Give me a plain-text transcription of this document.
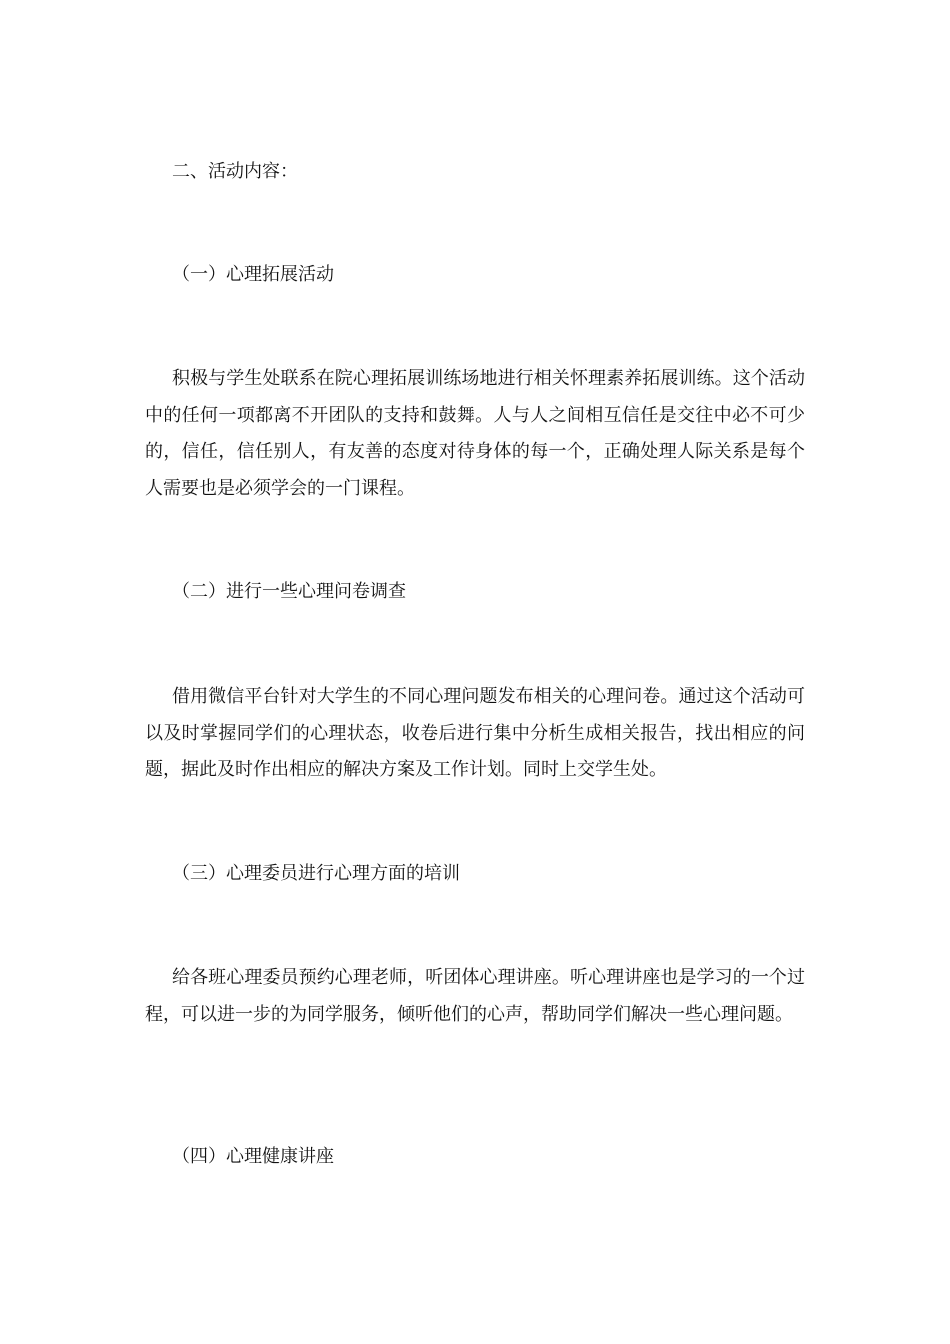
二、活动内容：
（一）心理拓展活动
积极与学生处联系在院心理拓展训练场地进行相关怀理素养拓展训练。这个活动中的任何一项都离不开团队的支持和鼓舞。人与人之间相互信任是交往中必不可少的，信任，信任别人，有友善的态度对待身体的每一个，正确处理人际关系是每个人需要也是必须学会的一门课程。
（二）进行一些心理问卷调查
借用微信平台针对大学生的不同心理问题发布相关的心理问卷。通过这个活动可以及时掌握同学们的心理状态，收卷后进行集中分析生成相关报告，找出相应的问题，据此及时作出相应的解决方案及工作计划。同时上交学生处。
（三）心理委员进行心理方面的培训
给各班心理委员预约心理老师，听团体心理讲座。听心理讲座也是学习的一个过程，可以进一步的为同学服务，倾听他们的心声，帮助同学们解决一些心理问题。
（四）心理健康讲座
